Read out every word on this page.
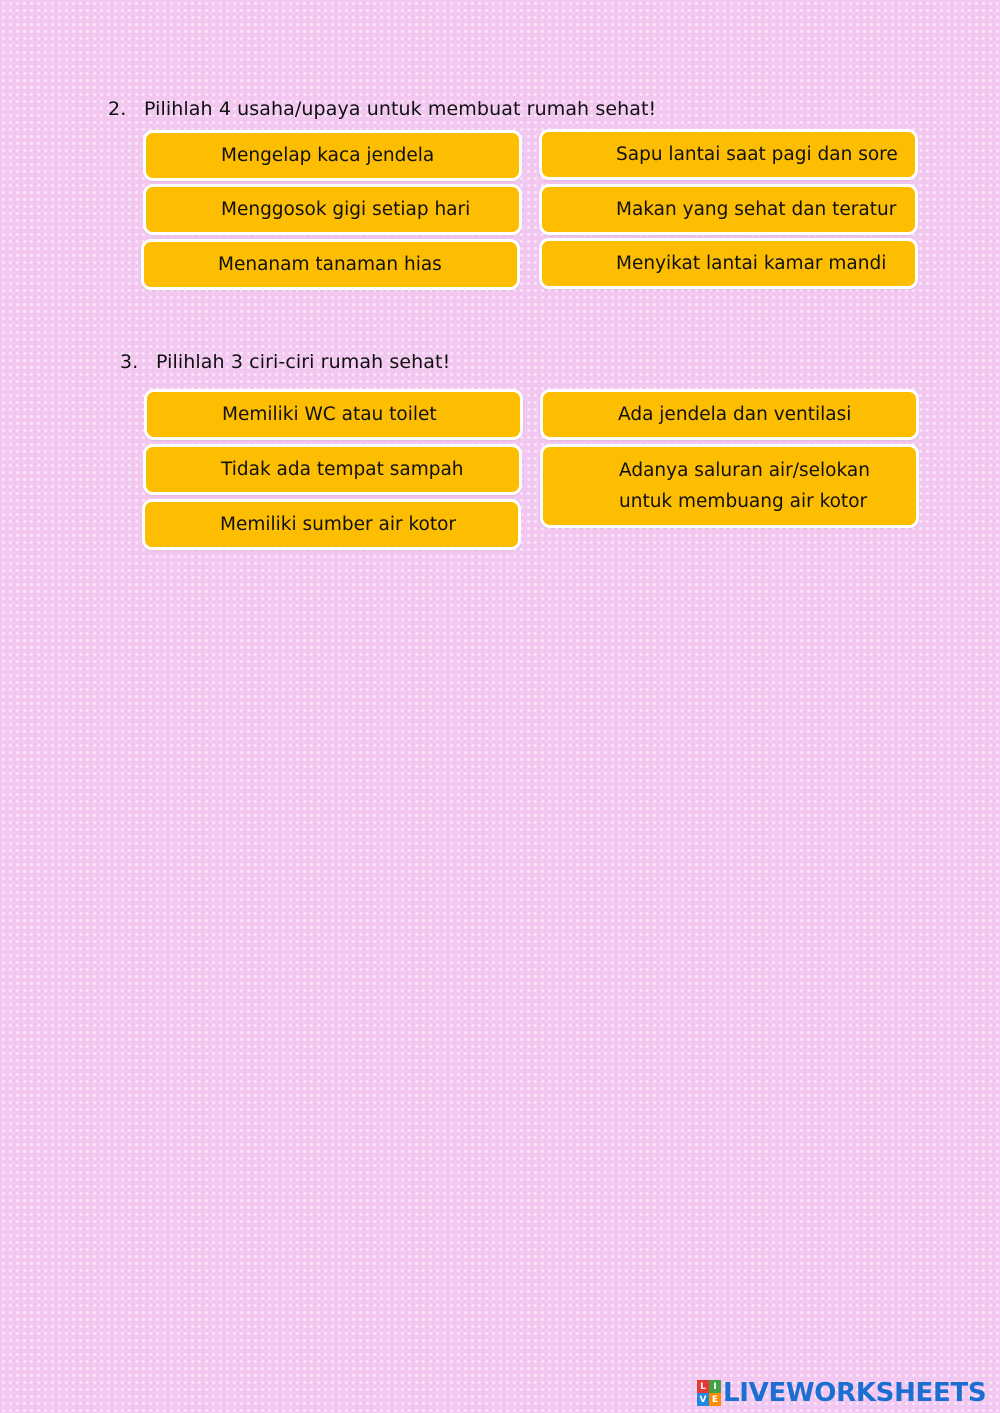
2. Pilihlah 4 usaha/upaya untuk membuat rumah sehat!
Mengelap kaca jendela	Sapu lantai saat pagi dan sore
Menggosok gigi setiap hari	Makan yang sehat dan teratur
Menanam tanaman hias	Menyikat lantai kamar mandi
3. Pilihlah 3 ciri-ciri rumah sehat!
Memiliki WC atau toilet	Ada jendela dan ventilasi
Tidak ada tempat sampah	Adanya saluran air/selokan
untuk membuang air kotor
Memiliki sumber air kotor
L I
V E LIVEWORKSHEETS
